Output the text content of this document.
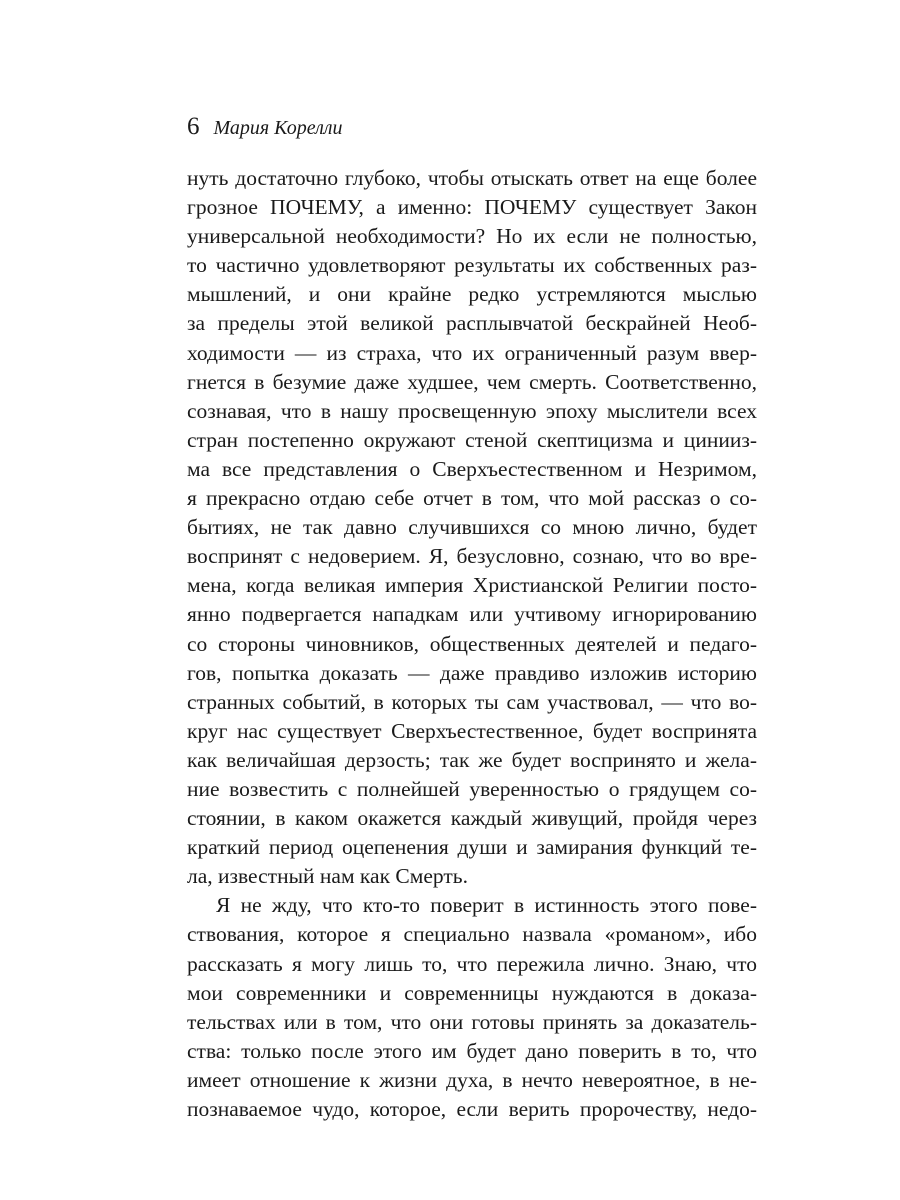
6 Мария Корелли
нуть достаточно глубоко, чтобы отыскать ответ на еще более
грозное ПОЧЕМУ, а именно: ПОЧЕМУ существует Закон
универсальной необходимости? Но их если не полностью,
то частично удовлетворяют результаты их собственных раз-
мышлений, и они крайне редко устремляются мыслью
за пределы этой великой расплывчатой бескрайней Необ-
ходимости — из страха, что их ограниченный разум ввер-
гнется в безумие даже худшее, чем смерть. Соответственно,
сознавая, что в нашу просвещенную эпоху мыслители всех
стран постепенно окружают стеной скептицизма и цинииз-
ма все представления о Сверхъестественном и Незримом,
я прекрасно отдаю себе отчет в том, что мой рассказ о со-
бытиях, не так давно случившихся со мною лично, будет
воспринят с недоверием. Я, безусловно, сознаю, что во вре-
мена, когда великая империя Христианской Религии посто-
янно подвергается нападкам или учтивому игнорированию
со стороны чиновников, общественных деятелей и педаго-
гов, попытка доказать — даже правдиво изложив историю
странных событий, в которых ты сам участвовал, — что во-
круг нас существует Сверхъестественное, будет воспринята
как величайшая дерзость; так же будет воспринято и жела-
ние возвестить с полнейшей уверенностью о грядущем со-
стоянии, в каком окажется каждый живущий, пройдя через
краткий период оцепенения души и замирания функций те-
ла, известный нам как Смерть.
Я не жду, что кто-то поверит в истинность этого пове-
ствования, которое я специально назвала «романом», ибо
рассказать я могу лишь то, что пережила лично. Знаю, что
мои современники и современницы нуждаются в доказа-
тельствах или в том, что они готовы принять за доказатель-
ства: только после этого им будет дано поверить в то, что
имеет отношение к жизни духа, в нечто невероятное, в не-
познаваемое чудо, которое, если верить пророчеству, недо-
